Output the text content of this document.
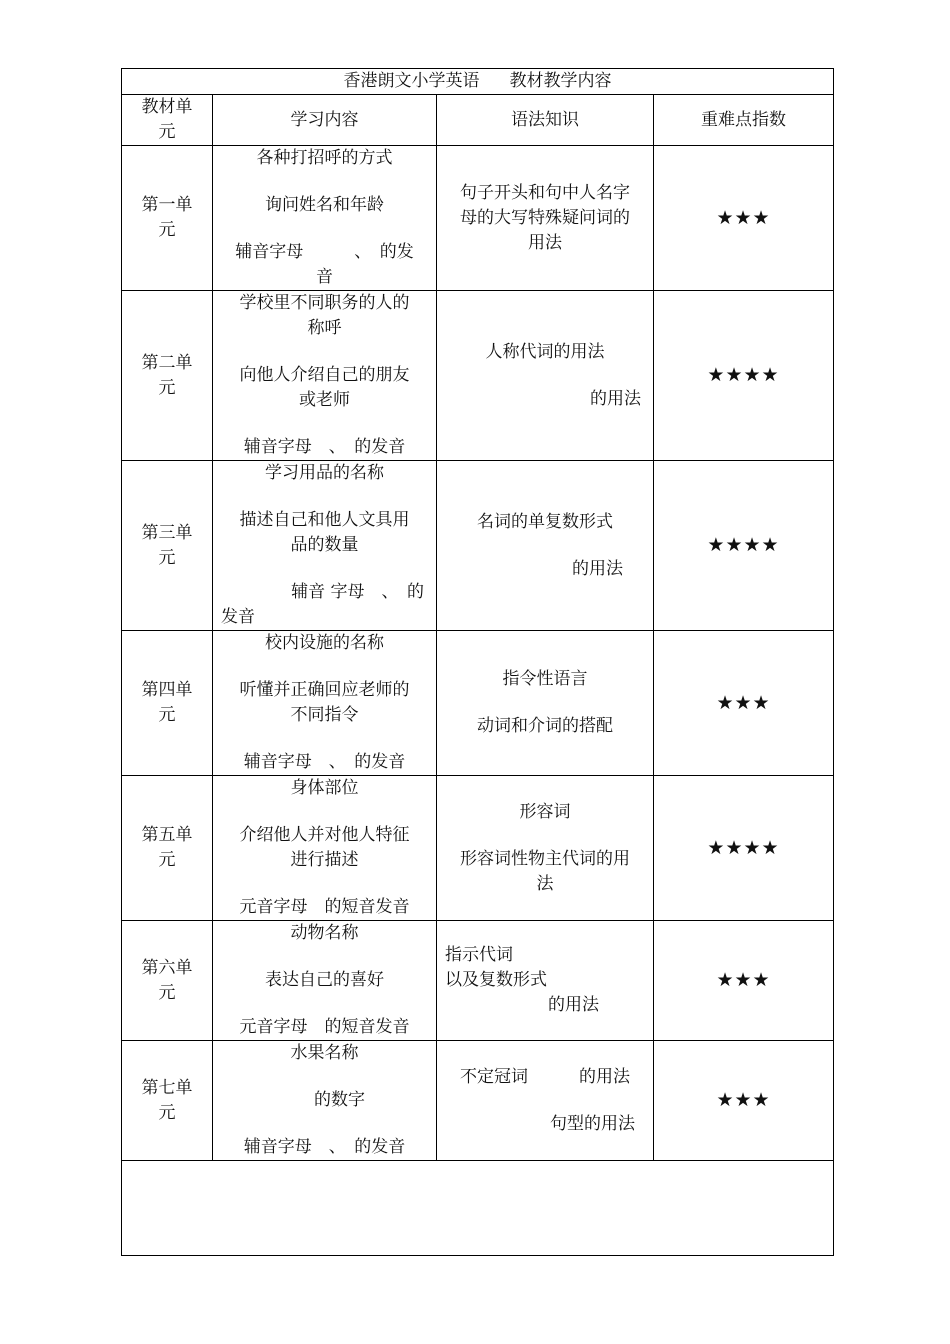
香港朗文小学英语 教材教学内容			

教材单元	学习内容	语法知识	重难点指数

第一单元	各种打招呼的方式
询问姓名和年龄
辅音字母　　　、　的发
音	句子开头和句中人名字
母的大写特殊疑问词的
用法	★★★

第二单元	学校里不同职务的人的
称呼
向他人介绍自己的朋友
或老师
辅音字母　、　的发音	人称代词的用法
的用法	★★★★

第三单元	学习用品的名称
描述自己和他人文具用
品的数量
辅音 字母　、　的
发音	名词的单复数形式
的用法	★★★★

第四单元	校内设施的名称
听懂并正确回应老师的
不同指令
辅音字母　、　的发音	指令性语言
动词和介词的搭配	★★★

第五单元	身体部位
介绍他人并对他人特征
进行描述
元音字母　的短音发音	形容词
形容词性物主代词的用
法	★★★★

第六单元	动物名称
表达自己的喜好
元音字母　的短音发音	指示代词
以及复数形式
的用法	★★★

第七单元	水果名称
的数字
辅音字母　、　的发音	不定冠词　　　的用法
句型的用法	★★★
